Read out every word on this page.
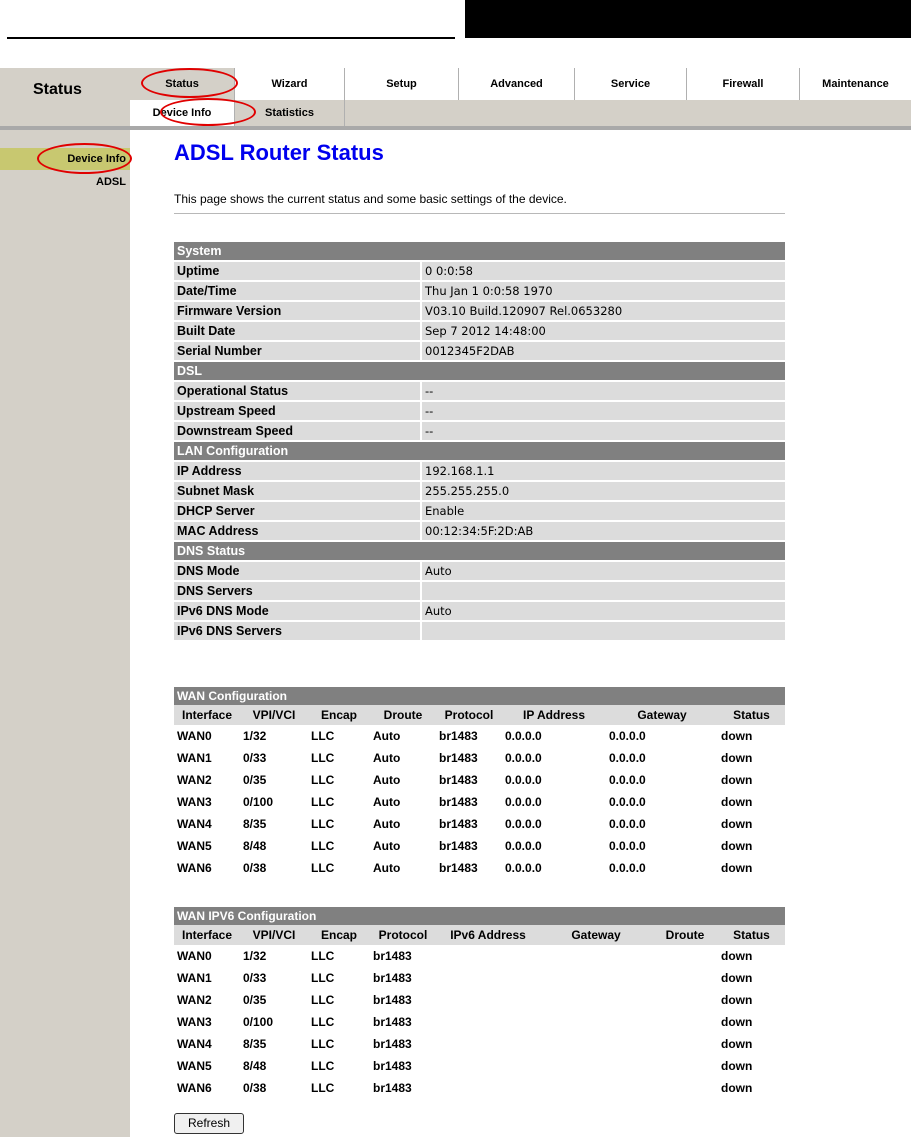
Status	Status	Wizard	Setup	Advanced	Service	Firewall	Maintenance
Device Info	Statistics
Device Info
ADSL
ADSL Router Status
This page shows the current status and some basic settings of the device.
System	
Uptime	0 0:0:58
Date/Time	Thu Jan 1 0:0:58 1970
Firmware Version	V03.10 Build.120907 Rel.0653280
Built Date	Sep 7 2012 14:48:00
Serial Number	0012345F2DAB
DSL	
Operational Status	--
Upstream Speed	--
Downstream Speed	--
LAN Configuration	
IP Address	192.168.1.1
Subnet Mask	255.255.255.0
DHCP Server	Enable
MAC Address	00:12:34:5F:2D:AB
DNS Status	
DNS Mode	Auto
DNS Servers	
IPv6 DNS Mode	Auto
IPv6 DNS Servers	
WAN Configuration							
Interface	VPI/VCI	Encap	Droute	Protocol	IP Address	Gateway	Status
WAN0	1/32	LLC	Auto	br1483	0.0.0.0	0.0.0.0	down
WAN1	0/33	LLC	Auto	br1483	0.0.0.0	0.0.0.0	down
WAN2	0/35	LLC	Auto	br1483	0.0.0.0	0.0.0.0	down
WAN3	0/100	LLC	Auto	br1483	0.0.0.0	0.0.0.0	down
WAN4	8/35	LLC	Auto	br1483	0.0.0.0	0.0.0.0	down
WAN5	8/48	LLC	Auto	br1483	0.0.0.0	0.0.0.0	down
WAN6	0/38	LLC	Auto	br1483	0.0.0.0	0.0.0.0	down
WAN IPV6 Configuration							
Interface	VPI/VCI	Encap	Protocol	IPv6 Address	Gateway	Droute	Status
WAN0	1/32	LLC	br1483				down
WAN1	0/33	LLC	br1483				down
WAN2	0/35	LLC	br1483				down
WAN3	0/100	LLC	br1483				down
WAN4	8/35	LLC	br1483				down
WAN5	8/48	LLC	br1483				down
WAN6	0/38	LLC	br1483				down
Refresh
